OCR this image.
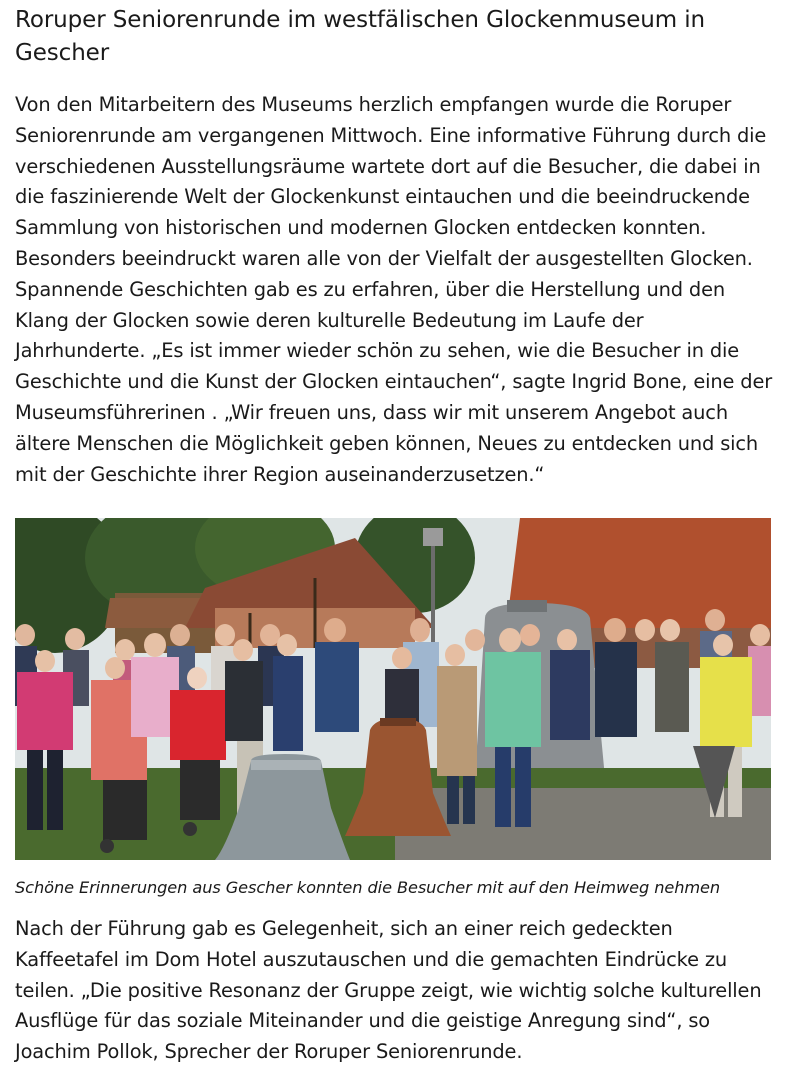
Roruper Seniorenrunde im westfälischen Glockenmuseum in Gescher

Von den Mitarbeitern des Museums herzlich empfangen wurde die Roruper Seniorenrunde am vergangenen Mittwoch. Eine informative Führung durch die verschiedenen Ausstellungsräume wartete dort auf die Besucher, die dabei in die faszinierende Welt der Glockenkunst eintauchen und die beeindruckende Sammlung von historischen und modernen Glocken entdecken konnten. Besonders beeindruckt waren alle von der Vielfalt der ausgestellten Glocken. Spannende Geschichten gab es zu erfahren, über die Herstellung und den Klang der Glocken sowie deren kulturelle Bedeutung im Laufe der Jahrhunderte. „Es ist immer wieder schön zu sehen, wie die Besucher in die Geschichte und die Kunst der Glocken eintauchen“, sagte Ingrid Bone, eine der Museumsführerinen . „Wir freuen uns, dass wir mit unserem Angebot auch ältere Menschen die Möglichkeit geben können, Neues zu entdecken und sich mit der Geschichte ihrer Region auseinanderzusetzen.“

Schöne Erinnerungen aus Gescher konnten die Besucher mit auf den Heimweg nehmen

Nach der Führung gab es Gelegenheit, sich an einer reich gedeckten Kaffeetafel im Dom Hotel auszutauschen und die gemachten Eindrücke zu teilen. „Die positive Resonanz der Gruppe zeigt, wie wichtig solche kulturellen Ausflüge für das soziale Miteinander und die geistige Anregung sind“, so Joachim Pollok, Sprecher der Roruper Seniorenrunde.
